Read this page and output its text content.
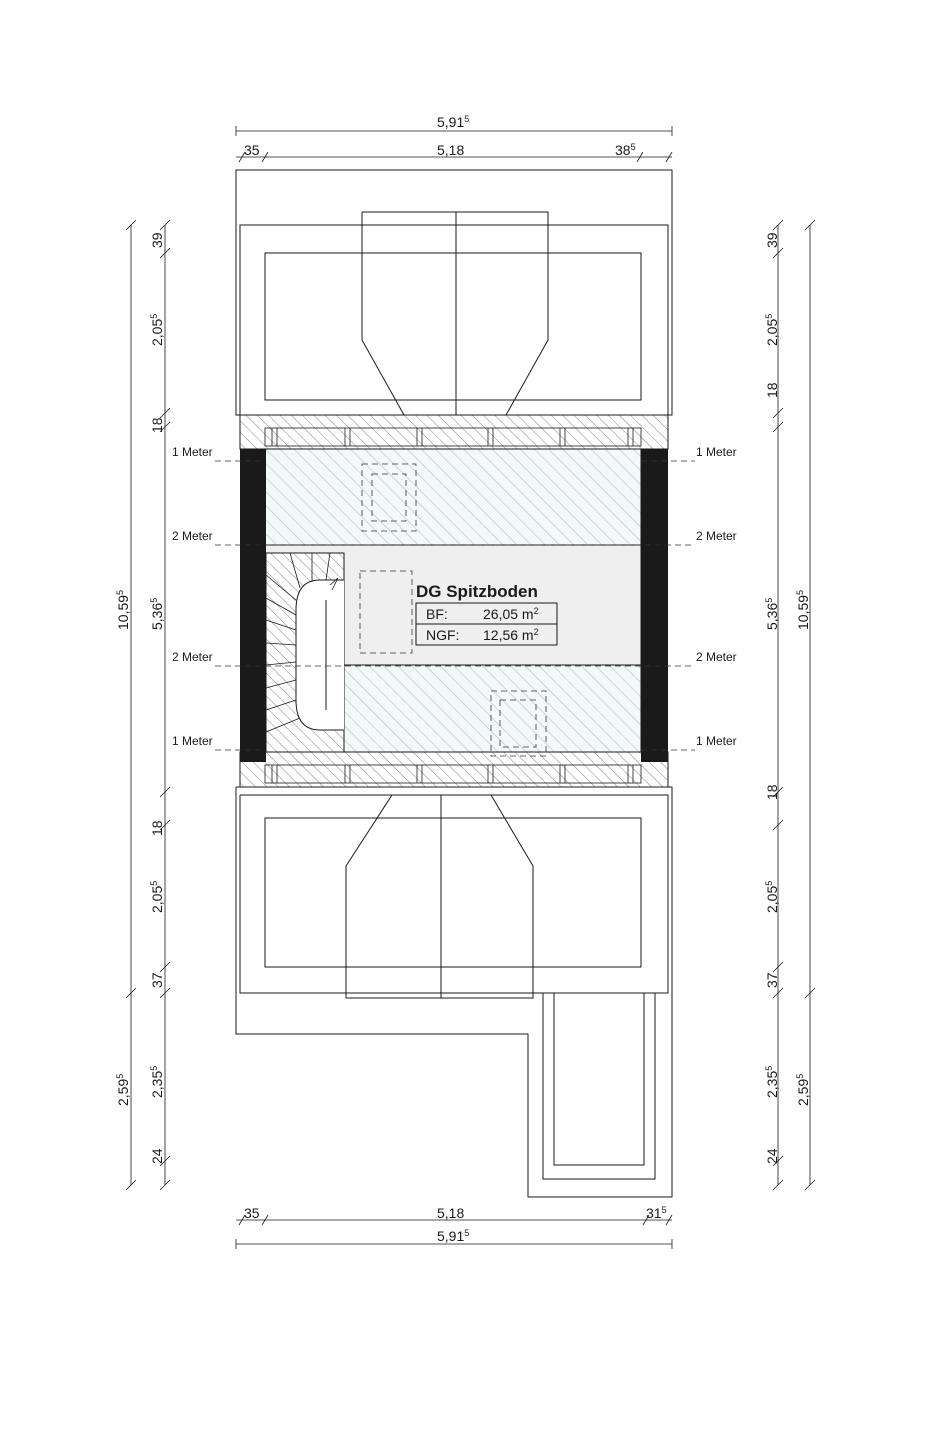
5,91$^5$
35	5,18	$38^5$
DG Spitzboden
BF:	26,05 $m^2$
NGF: 12,56 $m^2$
1 Meter
2 Meter
2 Meter
1 Meter
1 Meter
2 Meter
2 Meter
1 Meter
10,59$^5$
2,59$^5$
39
2,05$^5$
18
5,36$^5$
18
2,05$^5$
37
2,35$^5$
24
39
2,05$^5$
18
5,36$^5$
18
2,05$^5$
37
2,35$^5$
24
10,59$^5$
2,59$^5$
35	5,18	$31^5$
5,91$^5$
